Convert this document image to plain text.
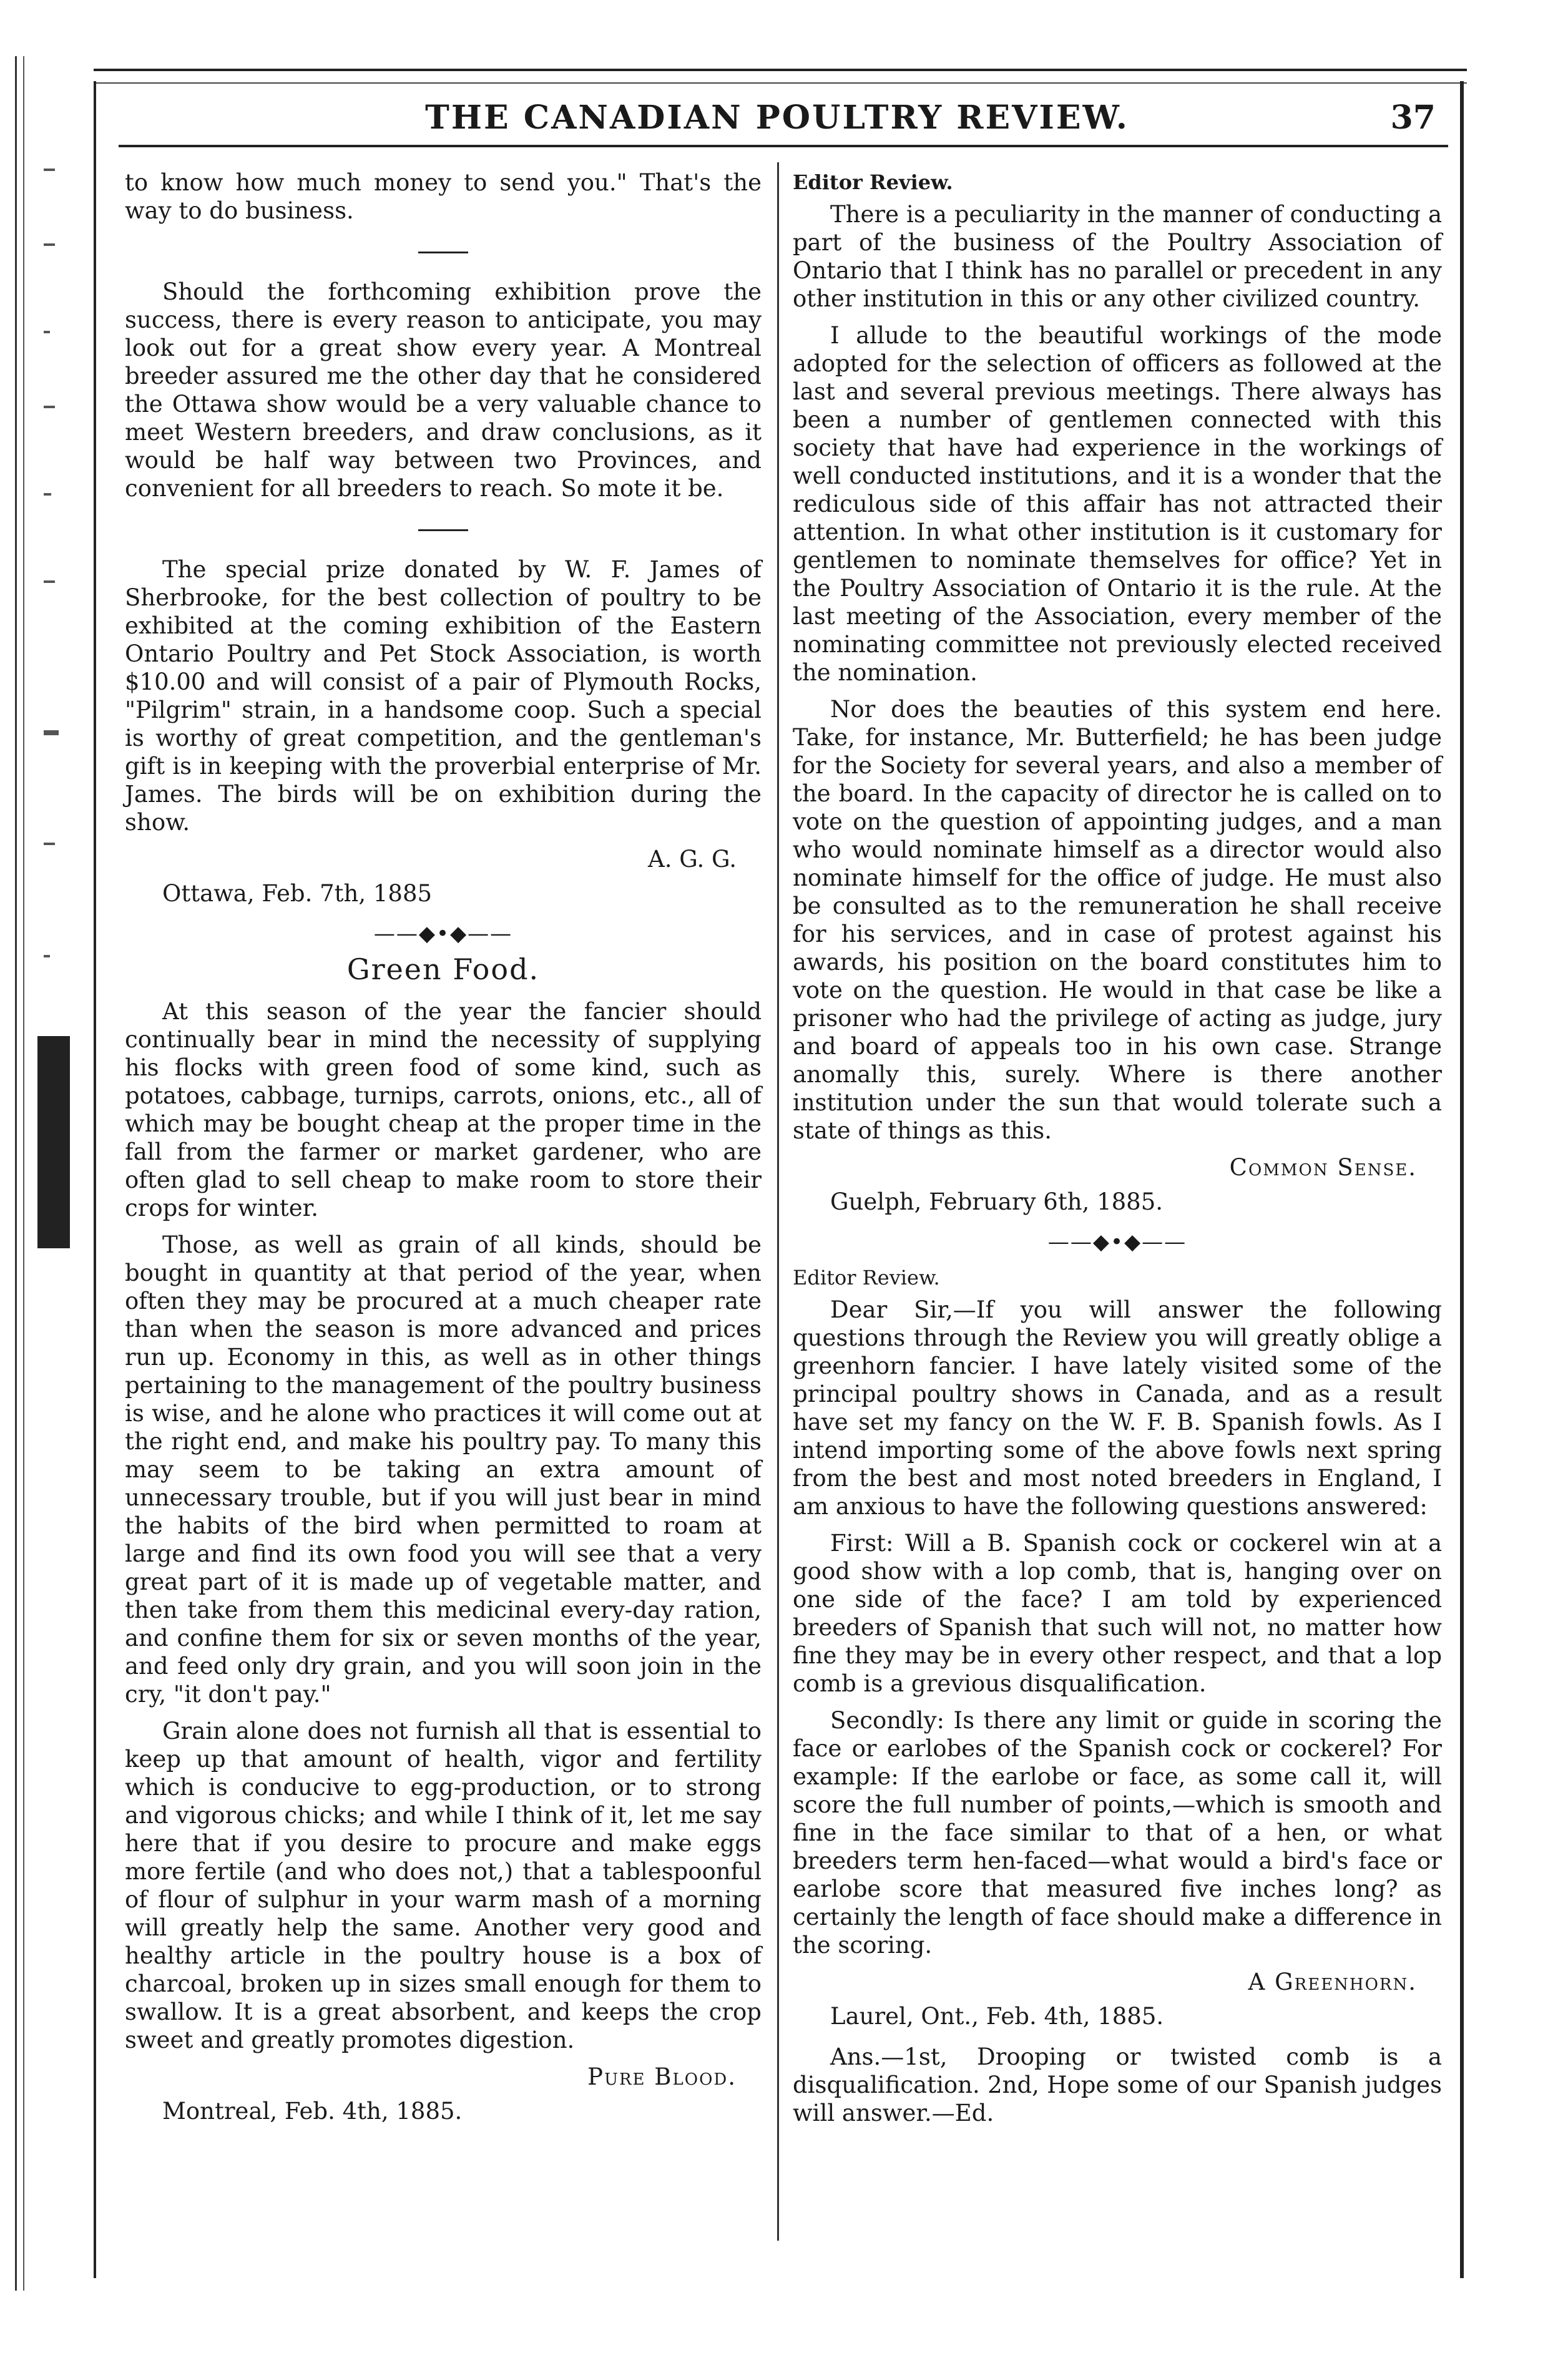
THE CANADIAN POULTRY REVIEW.	37

to know how much money to send you." That's the way to do business.

Should the forthcoming exhibition prove the success, there is every reason to anticipate, you may look out for a great show every year. A Montreal breeder assured me the other day that he considered the Ottawa show would be a very valuable chance to meet Western breeders, and draw conclusions, as it would be half way between two Provinces, and convenient for all breeders to reach. So mote it be.

The special prize donated by W. F. James of Sherbrooke, for the best collection of poultry to be exhibited at the coming exhibition of the Eastern Ontario Poultry and Pet Stock Association, is worth $10.00 and will consist of a pair of Plymouth Rocks, "Pilgrim" strain, in a handsome coop. Such a special is worthy of great competition, and the gentleman's gift is in keeping with the proverbial enterprise of Mr. James. The birds will be on exhibition during the show.

A. G. G.
Ottawa, Feb. 7th, 1885
——◆•◆——
Green Food.

At this season of the year the fancier should continually bear in mind the necessity of supplying his flocks with green food of some kind, such as potatoes, cabbage, turnips, carrots, onions, etc., all of which may be bought cheap at the proper time in the fall from the farmer or market gardener, who are often glad to sell cheap to make room to store their crops for winter.

Those, as well as grain of all kinds, should be bought in quantity at that period of the year, when often they may be procured at a much cheaper rate than when the season is more advanced and prices run up. Economy in this, as well as in other things pertaining to the management of the poultry business is wise, and he alone who practices it will come out at the right end, and make his poultry pay. To many this may seem to be taking an extra amount of unnecessary trouble, but if you will just bear in mind the habits of the bird when permitted to roam at large and find its own food you will see that a very great part of it is made up of vegetable matter, and then take from them this medicinal every-day ration, and confine them for six or seven months of the year, and feed only dry grain, and you will soon join in the cry, "it don't pay."

Grain alone does not furnish all that is essential to keep up that amount of health, vigor and fertility which is conducive to egg-production, or to strong and vigorous chicks; and while I think of it, let me say here that if you desire to procure and make eggs more fertile (and who does not,) that a tablespoonful of flour of sulphur in your warm mash of a morning will greatly help the same. Another very good and healthy article in the poultry house is a box of charcoal, broken up in sizes small enough for them to swallow. It is a great absorbent, and keeps the crop sweet and greatly promotes digestion.

Pure Blood.
Montreal, Feb. 4th, 1885.
Editor Review.

There is a peculiarity in the manner of conducting a part of the business of the Poultry Association of Ontario that I think has no parallel or precedent in any other institution in this or any other civilized country.

I allude to the beautiful workings of the mode adopted for the selection of officers as followed at the last and several previous meetings. There always has been a number of gentlemen connected with this society that have had experience in the workings of well conducted institutions, and it is a wonder that the rediculous side of this affair has not attracted their attention. In what other institution is it customary for gentlemen to nominate themselves for office? Yet in the Poultry Association of Ontario it is the rule. At the last meeting of the Association, every member of the nominating committee not previously elected received the nomination.

Nor does the beauties of this system end here. Take, for instance, Mr. Butterfield; he has been judge for the Society for several years, and also a member of the board. In the capacity of director he is called on to vote on the question of appointing judges, and a man who would nominate himself as a director would also nominate himself for the office of judge. He must also be consulted as to the remuneration he shall receive for his services, and in case of protest against his awards, his position on the board constitutes him to vote on the question. He would in that case be like a prisoner who had the privilege of acting as judge, jury and board of appeals too in his own case. Strange anomally this, surely. Where is there another institution under the sun that would tolerate such a state of things as this.

Common Sense.
Guelph, February 6th, 1885.
——◆•◆——
Editor Review.

Dear Sir,—If you will answer the following questions through the Review you will greatly oblige a greenhorn fancier. I have lately visited some of the principal poultry shows in Canada, and as a result have set my fancy on the W. F. B. Spanish fowls. As I intend importing some of the above fowls next spring from the best and most noted breeders in England, I am anxious to have the following questions answered:

First: Will a B. Spanish cock or cockerel win at a good show with a lop comb, that is, hanging over on one side of the face? I am told by experienced breeders of Spanish that such will not, no matter how fine they may be in every other respect, and that a lop comb is a grevious disqualification.

Secondly: Is there any limit or guide in scoring the face or earlobes of the Spanish cock or cockerel? For example: If the earlobe or face, as some call it, will score the full number of points,—which is smooth and fine in the face similar to that of a hen, or what breeders term hen-faced—what would a bird's face or earlobe score that measured five inches long? as certainly the length of face should make a difference in the scoring.

A Greenhorn.
Laurel, Ont., Feb. 4th, 1885.

Ans.—1st, Drooping or twisted comb is a disqualification. 2nd, Hope some of our Spanish judges will answer.—Ed.
